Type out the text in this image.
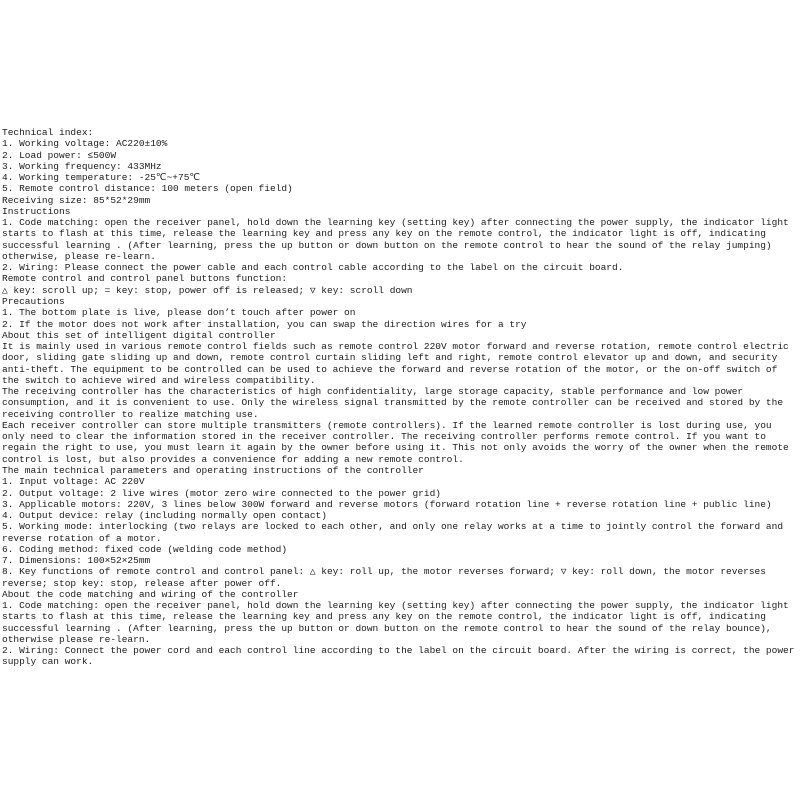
Technical index:
1. Working voltage: AC220±10%
2. Load power: ≤500W
3. Working frequency: 433MHz
4. Working temperature: -25℃~+75℃
5. Remote control distance: 100 meters (open field)
Receiving size: 85*52*29mm
Instructions
1. Code matching: open the receiver panel, hold down the learning key (setting key) after connecting the power supply, the indicator light starts to flash at this time, release the learning key and press any key on the remote control, the indicator light is off, indicating successful learning . (After learning, press the up button or down button on the remote control to hear the sound of the relay jumping) otherwise, please re-learn.
2. Wiring: Please connect the power cable and each control cable according to the label on the circuit board.
Remote control and control panel buttons function:
△ key: scroll up; = key: stop, power off is released; ▽ key: scroll down
Precautions
1. The bottom plate is live, please don’t touch after power on
2. If the motor does not work after installation, you can swap the direction wires for a try
About this set of intelligent digital controller
It is mainly used in various remote control fields such as remote control 220V motor forward and reverse rotation, remote control electric door, sliding gate sliding up and down, remote control curtain sliding left and right, remote control elevator up and down, and security anti-theft. The equipment to be controlled can be used to achieve the forward and reverse rotation of the motor, or the on-off switch of the switch to achieve wired and wireless compatibility.
The receiving controller has the characteristics of high confidentiality, large storage capacity, stable performance and low power consumption, and it is convenient to use. Only the wireless signal transmitted by the remote controller can be received and stored by the receiving controller to realize matching use.
Each receiver controller can store multiple transmitters (remote controllers). If the learned remote controller is lost during use, you only need to clear the information stored in the receiver controller. The receiving controller performs remote control. If you want to regain the right to use, you must learn it again by the owner before using it. This not only avoids the worry of the owner when the remote control is lost, but also provides a convenience for adding a new remote control.
The main technical parameters and operating instructions of the controller
1. Input voltage: AC 220V
2. Output voltage: 2 live wires (motor zero wire connected to the power grid)
3. Applicable motors: 220V, 3 lines below 300W forward and reverse motors (forward rotation line + reverse rotation line + public line)
4. Output device: relay (including normally open contact)
5. Working mode: interlocking (two relays are locked to each other, and only one relay works at a time to jointly control the forward and reverse rotation of a motor.
6. Coding method: fixed code (welding code method)
7. Dimensions: 100×52×25mm
8. Key functions of remote control and control panel: △ key: roll up, the motor reverses forward; ▽ key: roll down, the motor reverses reverse; stop key: stop, release after power off.
About the code matching and wiring of the controller
1. Code matching: open the receiver panel, hold down the learning key (setting key) after connecting the power supply, the indicator light starts to flash at this time, release the learning key and press any key on the remote control, the indicator light is off, indicating successful learning . (After learning, press the up button or down button on the remote control to hear the sound of the relay bounce), otherwise please re-learn.
2. Wiring: Connect the power cord and each control line according to the label on the circuit board. After the wiring is correct, the power supply can work.
